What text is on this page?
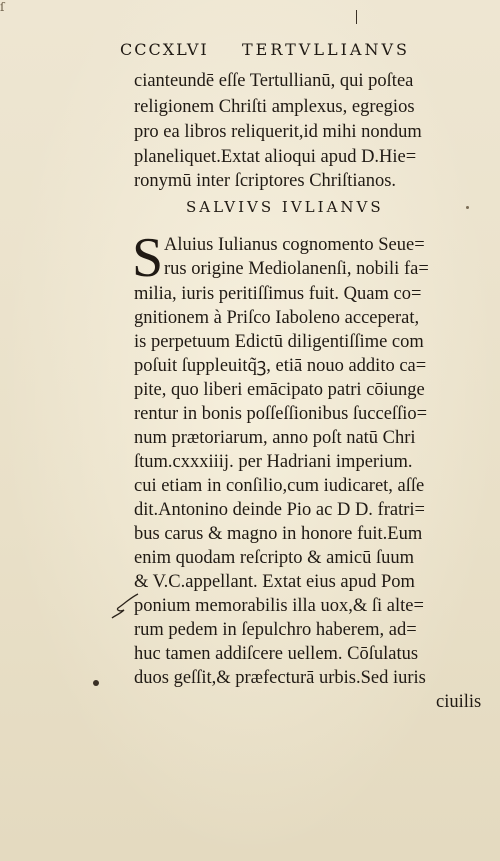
ſ
CCCXLVI TERTVLLIANVS
cianteundē eſſe Tertullianū, qui poſtea
religionem Chriſti amplexus, egregios
pro ea libros reliquerit,id mihi nondum
planeliquet.Extat alioqui apud D.Hie=
ronymū inter ſcriptores Chriſtianos.
SALVIVS IVLIANVS
S Aluius Iulianus cognomento Seue=
rus origine Mediolanenſi, nobili fa=
milia, iuris peritiſſimus fuit. Quam co=
gnitionem à Priſco Iaboleno acceperat,
is perpetuum Edictū diligentiſſime com
poſuit ſuppleuitq̃ꝫ, etiā nouo addito ca=
pite, quo liberi emācipato patri cōiunge
rentur in bonis poſſeſſionibus ſucceſſio=
num prætoriarum, anno poſt natū Chri
ſtum.cxxxiiij. per Hadriani imperium.
cui etiam in conſilio,cum iudicaret, aſſe
dit.Antonino deinde Pio ac D D. fratri=
bus carus & magno in honore fuit.Eum
enim quodam reſcripto & amicū ſuum
& V.C.appellant. Extat eius apud Pom
ponium memorabilis illa uox,& ſi alte=
rum pedem in ſepulchro haberem, ad=
huc tamen addiſcere uellem. Cōſulatus
duos geſſit,& præfecturā urbis.Sed iuris
ciuilis
